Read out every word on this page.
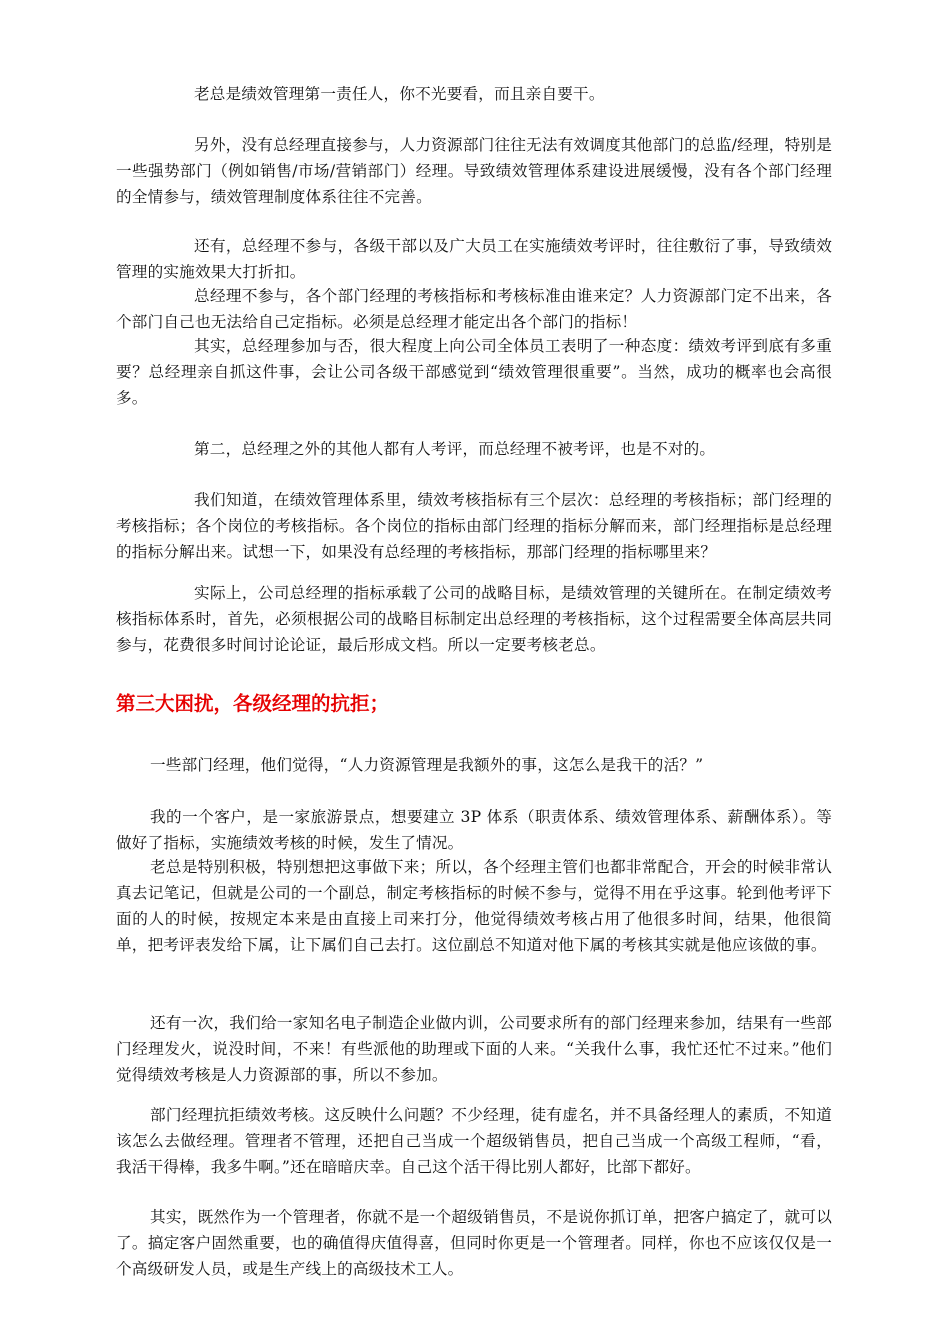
老总是绩效管理第一责任人，你不光要看，而且亲自要干。

另外，没有总经理直接参与，人力资源部门往往无法有效调度其他部门的总监/经理，特别是一些强势部门（例如销售/市场/营销部门）经理。导致绩效管理体系建设进展缓慢，没有各个部门经理的全情参与，绩效管理制度体系往往不完善。

还有，总经理不参与，各级干部以及广大员工在实施绩效考评时，往往敷衍了事，导致绩效管理的实施效果大打折扣。

总经理不参与，各个部门经理的考核指标和考核标准由谁来定？人力资源部门定不出来，各个部门自己也无法给自己定指标。必须是总经理才能定出各个部门的指标！

其实，总经理参加与否，很大程度上向公司全体员工表明了一种态度：绩效考评到底有多重要？总经理亲自抓这件事，会让公司各级干部感觉到“绩效管理很重要”。当然，成功的概率也会高很多。

第二，总经理之外的其他人都有人考评，而总经理不被考评，也是不对的。

我们知道，在绩效管理体系里，绩效考核指标有三个层次：总经理的考核指标；部门经理的考核指标；各个岗位的考核指标。各个岗位的指标由部门经理的指标分解而来，部门经理指标是总经理的指标分解出来。试想一下，如果没有总经理的考核指标，那部门经理的指标哪里来？

实际上，公司总经理的指标承载了公司的战略目标，是绩效管理的关键所在。在制定绩效考核指标体系时，首先，必须根据公司的战略目标制定出总经理的考核指标，这个过程需要全体高层共同参与，花费很多时间讨论论证，最后形成文档。所以一定要考核老总。

第三大困扰，各级经理的抗拒；

一些部门经理，他们觉得，“人力资源管理是我额外的事，这怎么是我干的活？”

我的一个客户，是一家旅游景点，想要建立 3P 体系（职责体系、绩效管理体系、薪酬体系）。等做好了指标，实施绩效考核的时候，发生了情况。

老总是特别积极，特别想把这事做下来；所以，各个经理主管们也都非常配合，开会的时候非常认真去记笔记，但就是公司的一个副总，制定考核指标的时候不参与，觉得不用在乎这事。轮到他考评下面的人的时候，按规定本来是由直接上司来打分，他觉得绩效考核占用了他很多时间，结果，他很简单，把考评表发给下属，让下属们自己去打。这位副总不知道对他下属的考核其实就是他应该做的事。

还有一次，我们给一家知名电子制造企业做内训，公司要求所有的部门经理来参加，结果有一些部门经理发火，说没时间，不来！有些派他的助理或下面的人来。“关我什么事，我忙还忙不过来。”他们觉得绩效考核是人力资源部的事，所以不参加。

部门经理抗拒绩效考核。这反映什么问题？不少经理，徒有虚名，并不具备经理人的素质，不知道该怎么去做经理。管理者不管理，还把自己当成一个超级销售员，把自己当成一个高级工程师，“看，我活干得棒，我多牛啊。”还在暗暗庆幸。自己这个活干得比别人都好，比部下都好。

其实，既然作为一个管理者，你就不是一个超级销售员，不是说你抓订单，把客户搞定了，就可以了。搞定客户固然重要，也的确值得庆值得喜，但同时你更是一个管理者。同样，你也不应该仅仅是一个高级研发人员，或是生产线上的高级技术工人。
